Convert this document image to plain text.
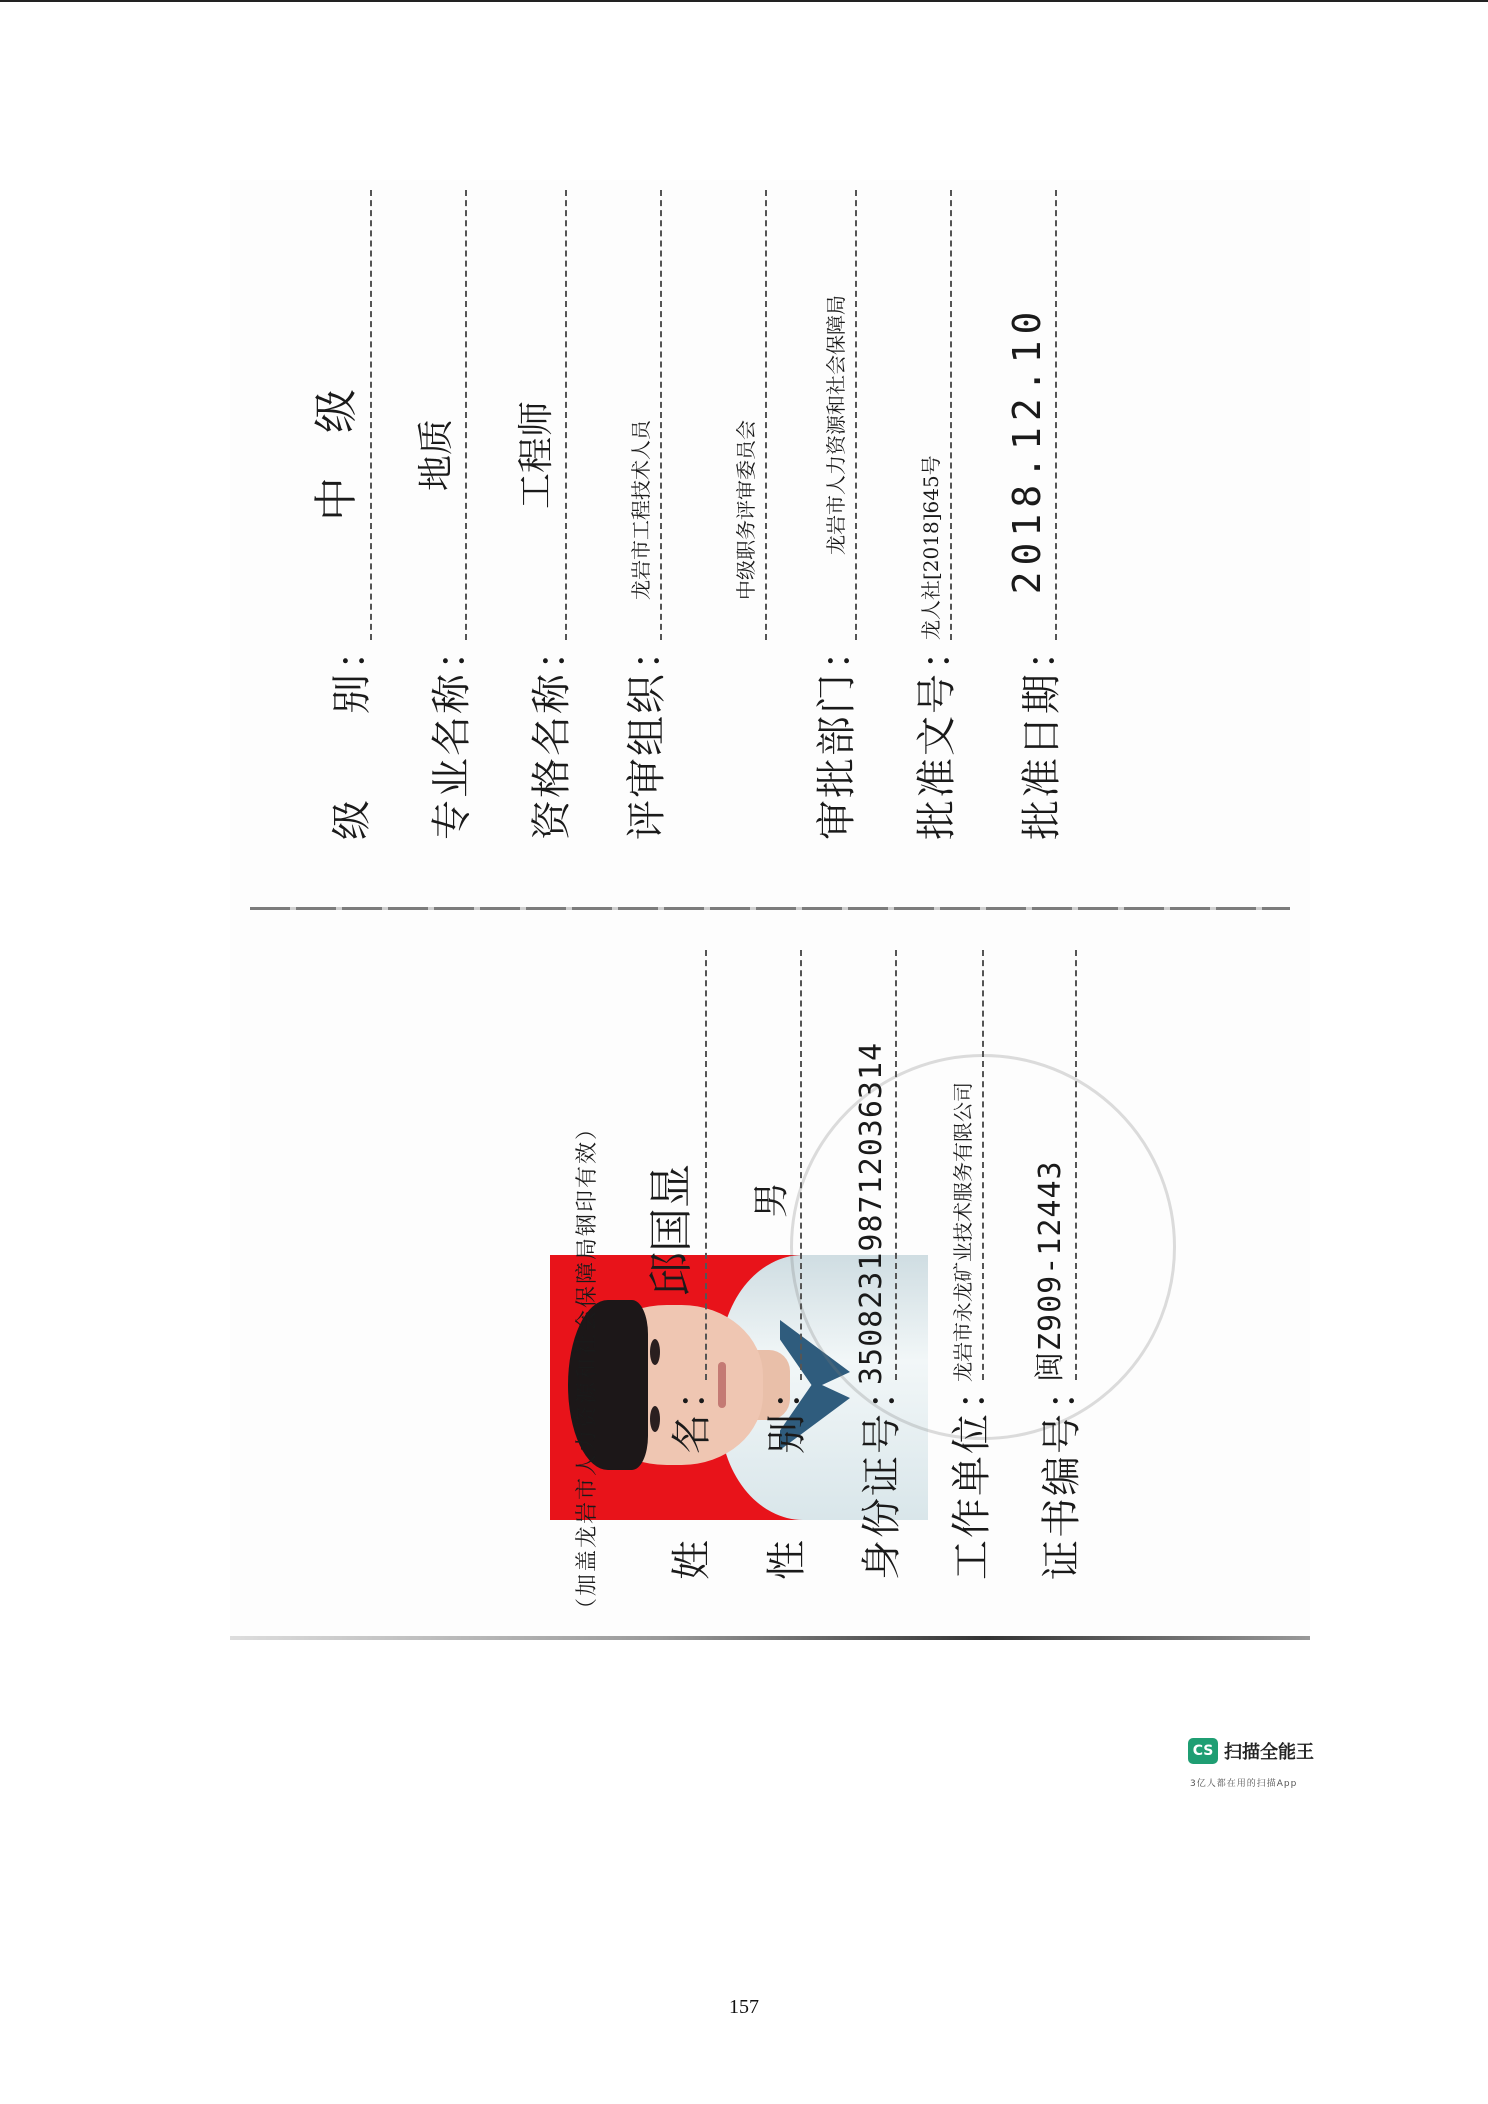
级　　别：
中　级
专业名称：
地质
资格名称：
工程师
评审组织：
龙岩市工程技术人员	中级职务评审委员会
审批部门：
龙岩市人力资源和社会保障局
批准文号：
龙人社[2018]645号
批准日期：
2018.12.10
（加盖龙岩市人力资源和社会保障局钢印有效） 姓　　名：
邱国显
性　　别：
男
身份证号：
350823198712036314
工作单位：
龙岩市永龙矿业技术服务有限公司
证书编号：
闽Z909-12443
CS 扫描全能王
3亿人都在用的扫描App
157
